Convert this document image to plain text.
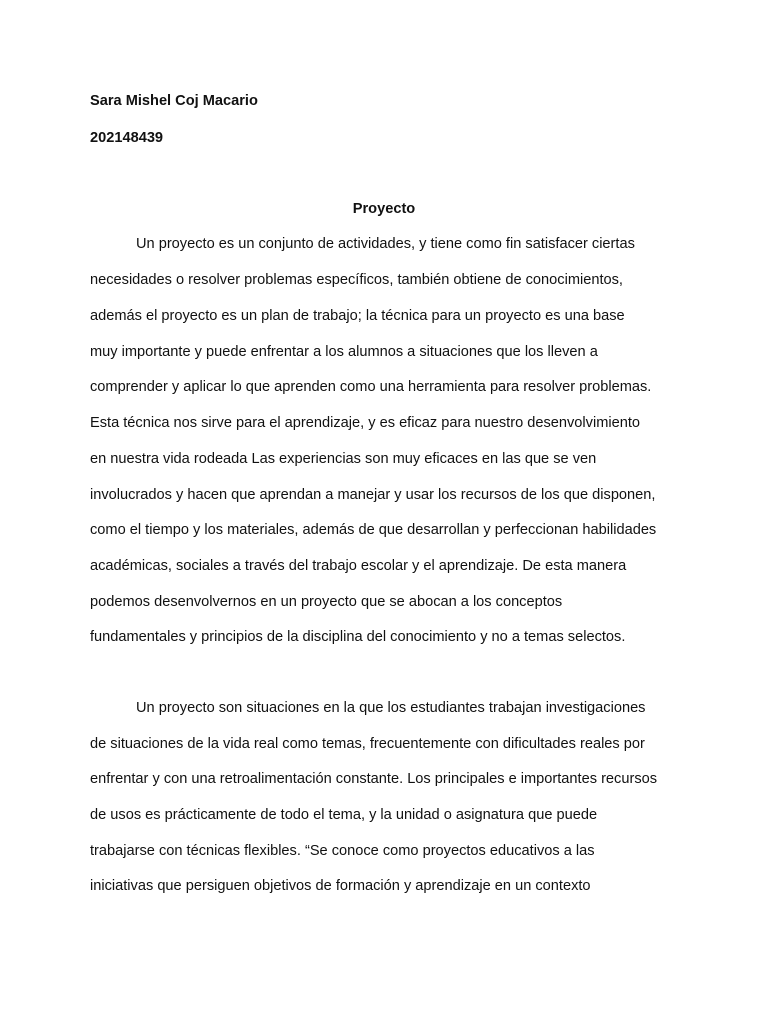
Sara Mishel Coj Macario
202148439
Proyecto
Un proyecto es un conjunto de actividades, y tiene como fin satisfacer ciertas
necesidades o resolver problemas específicos, también obtiene de conocimientos,
además el proyecto es un plan de trabajo; la técnica para un proyecto es una base
muy importante y puede enfrentar a los alumnos a situaciones que los lleven a
comprender y aplicar lo que aprenden como una herramienta para resolver problemas.
Esta técnica nos sirve para el aprendizaje, y es eficaz para nuestro desenvolvimiento
en nuestra vida rodeada Las experiencias son muy eficaces en las que se ven
involucrados y hacen que aprendan a manejar y usar los recursos de los que disponen,
como el tiempo y los materiales, además de que desarrollan y perfeccionan habilidades
académicas, sociales a través del trabajo escolar y el aprendizaje. De esta manera
podemos desenvolvernos en un proyecto que se abocan a los conceptos
fundamentales y principios de la disciplina del conocimiento y no a temas selectos.
Un proyecto son situaciones en la que los estudiantes trabajan investigaciones
de situaciones de la vida real como temas, frecuentemente con dificultades reales por
enfrentar y con una retroalimentación constante. Los principales e importantes recursos
de usos es prácticamente de todo el tema, y la unidad o asignatura que puede
trabajarse con técnicas flexibles. “Se conoce como proyectos educativos a las
iniciativas que persiguen objetivos de formación y aprendizaje en un contexto
